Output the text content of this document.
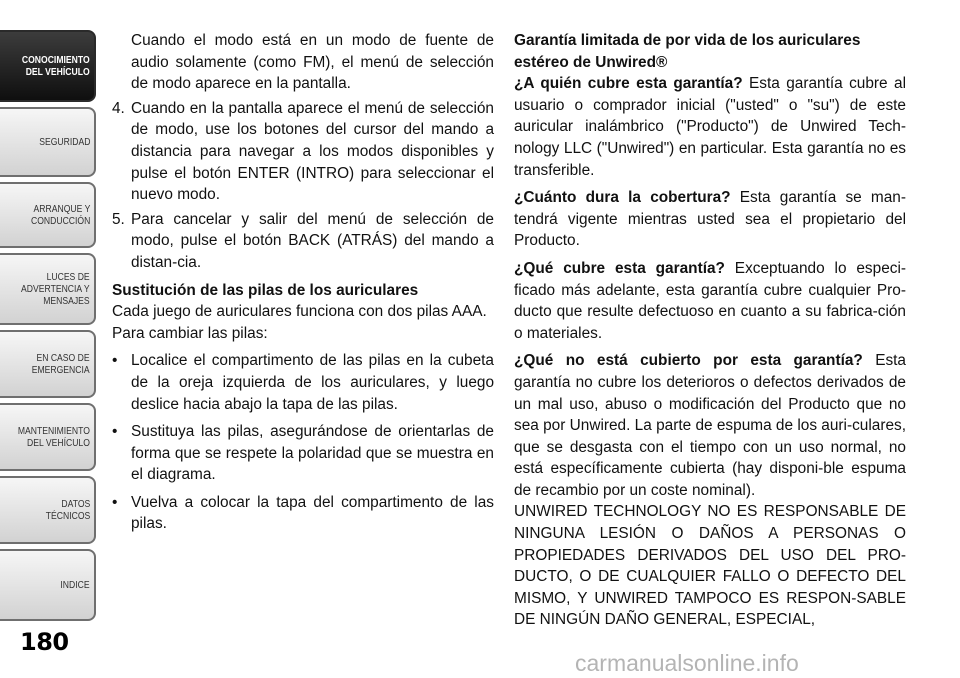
CONOCIMIENTO
DEL VEHÍCULO
SEGURIDAD
ARRANQUE Y
CONDUCCIÓN
LUCES DE
ADVERTENCIA Y
MENSAJES
EN CASO DE
EMERGENCIA
MANTENIMIENTO
DEL VEHÍCULO
DATOS
TÉCNICOS
INDICE
180

Cuando el modo está en un modo de fuente de audio solamente (como FM), el menú de selección de modo aparece en la pantalla.

4. Cuando en la pantalla aparece el menú de selección de modo, use los botones del cursor del mando a distancia para navegar a los modos disponibles y pulse el botón ENTER (INTRO) para seleccionar el nuevo modo.
5. Para cancelar y salir del menú de selección de modo, pulse el botón BACK (ATRÁS) del mando a distan-cia.

Sustitución de las pilas de los auriculares

Cada juego de auriculares funciona con dos pilas AAA.

Para cambiar las pilas:

• Localice el compartimento de las pilas en la cubeta de la oreja izquierda de los auriculares, y luego deslice hacia abajo la tapa de las pilas.
• Sustituya las pilas, asegurándose de orientarlas de forma que se respete la polaridad que se muestra en el diagrama.
• Vuelva a colocar la tapa del compartimento de las pilas.

Garantía limitada de por vida de los auriculares estéreo de Unwired®

¿A quién cubre esta garantía? Esta garantía cubre al usuario o comprador inicial ("usted" o "su") de este auricular inalámbrico ("Producto") de Unwired Tech-nology LLC ("Unwired") en particular. Esta garantía no es transferible.

¿Cuánto dura la cobertura? Esta garantía se man-tendrá vigente mientras usted sea el propietario del Producto.

¿Qué cubre esta garantía? Exceptuando lo especi-ficado más adelante, esta garantía cubre cualquier Pro-ducto que resulte defectuoso en cuanto a su fabrica-ción o materiales.

¿Qué no está cubierto por esta garantía? Esta garantía no cubre los deterioros o defectos derivados de un mal uso, abuso o modificación del Producto que no sea por Unwired. La parte de espuma de los auri-culares, que se desgasta con el tiempo con un uso normal, no está específicamente cubierta (hay disponi-ble espuma de recambio por un coste nominal).

UNWIRED TECHNOLOGY NO ES RESPONSABLE DE NINGUNA LESIÓN O DAÑOS A PERSONAS O PROPIEDADES DERIVADOS DEL USO DEL PRO-DUCTO, O DE CUALQUIER FALLO O DEFECTO DEL MISMO, Y UNWIRED TAMPOCO ES RESPON-SABLE DE NINGÚN DAÑO GENERAL, ESPECIAL,

carmanualsonline.info
